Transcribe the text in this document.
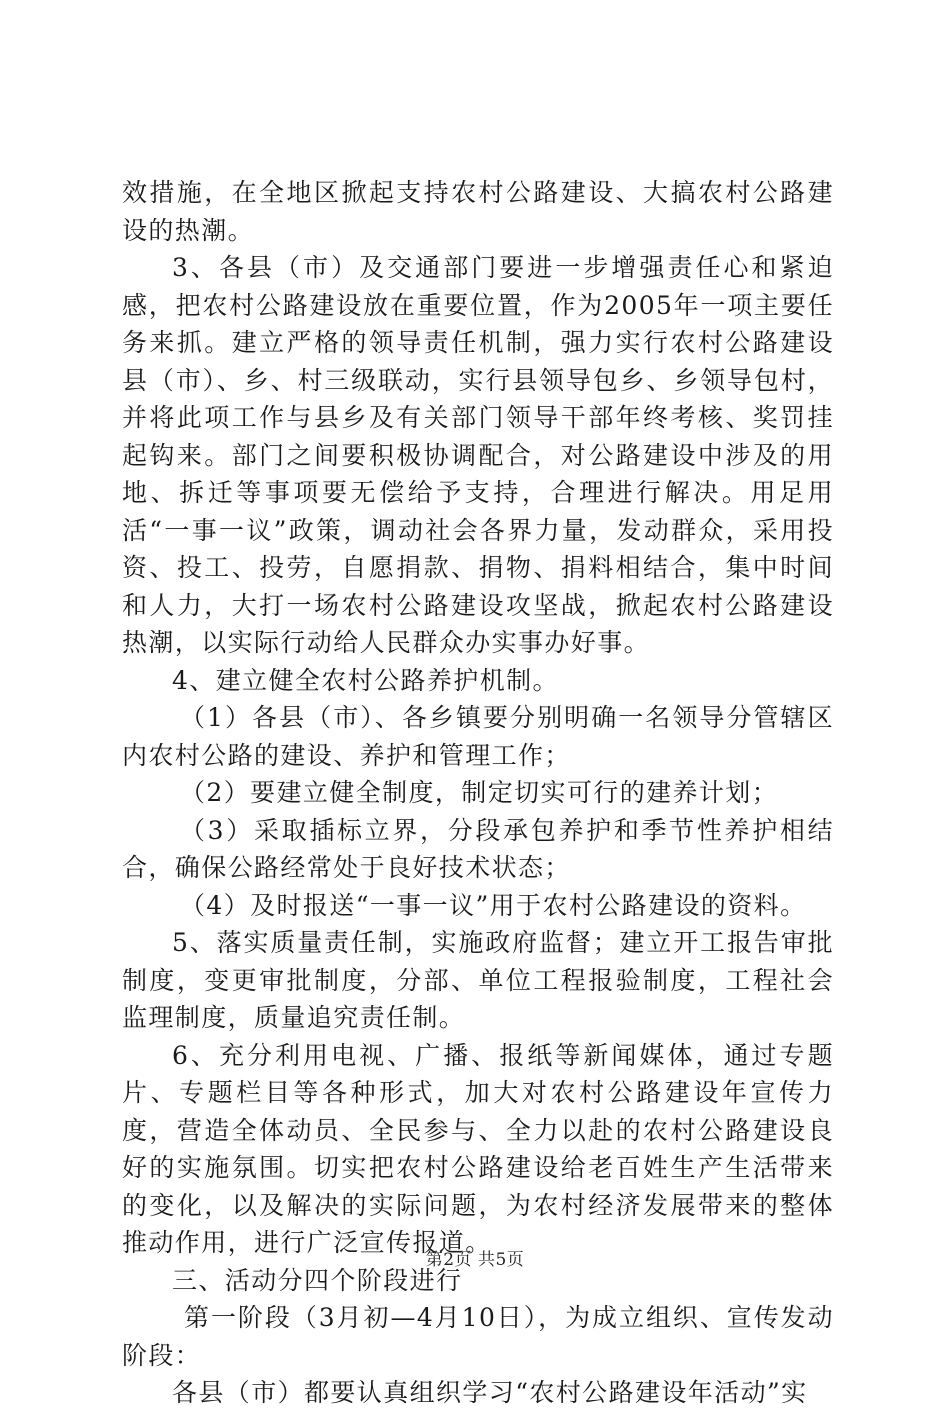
效措施，在全地区掀起支持农村公路建设、大搞农村公路建设的热潮。

3、各县（市）及交通部门要进一步增强责任心和紧迫感，把农村公路建设放在重要位置，作为2005年一项主要任务来抓。建立严格的领导责任机制，强力实行农村公路建设县（市）、乡、村三级联动，实行县领导包乡、乡领导包村，并将此项工作与县乡及有关部门领导干部年终考核、奖罚挂起钩来。部门之间要积极协调配合，对公路建设中涉及的用地、拆迁等事项要无偿给予支持，合理进行解决。用足用活“一事一议”政策，调动社会各界力量，发动群众，采用投资、投工、投劳，自愿捐款、捐物、捐料相结合，集中时间和人力，大打一场农村公路建设攻坚战，掀起农村公路建设热潮，以实际行动给人民群众办实事办好事。

4、建立健全农村公路养护机制。

（1）各县（市）、各乡镇要分别明确一名领导分管辖区内农村公路的建设、养护和管理工作；

（2）要建立健全制度，制定切实可行的建养计划；

（3）采取插标立界，分段承包养护和季节性养护相结合，确保公路经常处于良好技术状态；

（4）及时报送“一事一议”用于农村公路建设的资料。

5、落实质量责任制，实施政府监督；建立开工报告审批制度，变更审批制度，分部、单位工程报验制度，工程社会监理制度，质量追究责任制。

6、充分利用电视、广播、报纸等新闻媒体，通过专题片、专题栏目等各种形式，加大对农村公路建设年宣传力度，营造全体动员、全民参与、全力以赴的农村公路建设良好的实施氛围。切实把农村公路建设给老百姓生产生活带来的变化，以及解决的实际问题，为农村经济发展带来的整体推动作用，进行广泛宣传报道。

三、活动分四个阶段进行

第一阶段（3月初—4月10日），为成立组织、宣传发动阶段：

各县（市）都要认真组织学习“农村公路建设年活动”实

第2页 共5页
